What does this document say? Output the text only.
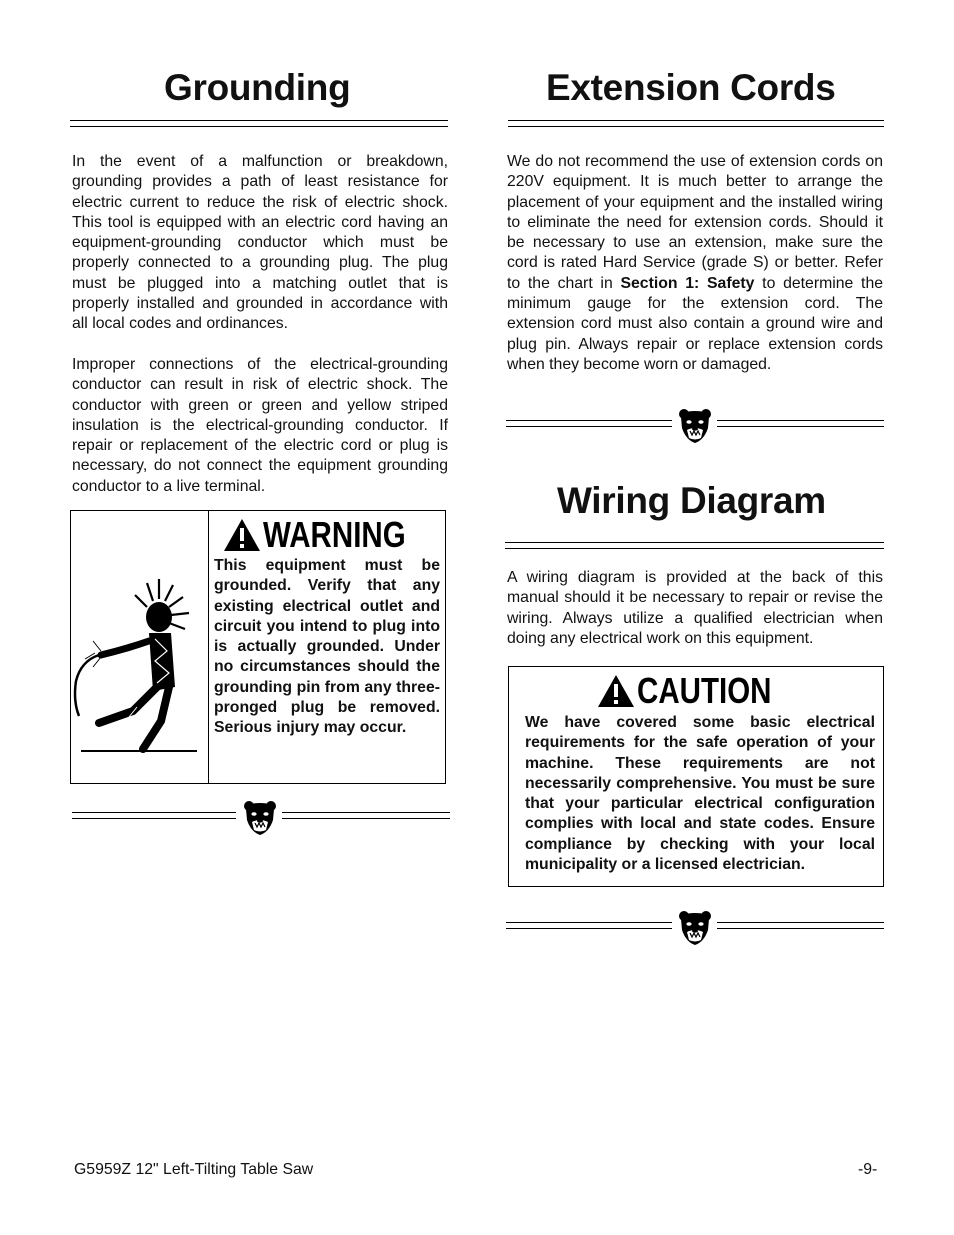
Grounding

In the event of a malfunction or breakdown, grounding provides a path of least resistance for electric current to reduce the risk of electric shock. This tool is equipped with an electric cord having an equipment-grounding conductor which must be properly connected to a grounding plug. The plug must be plugged into a matching outlet that is properly installed and grounded in accordance with all local codes and ordinances.

Improper connections of the electrical-grounding conductor can result in risk of electric shock. The conductor with green or green and yellow striped insulation is the electrical-grounding conductor. If repair or replacement of the electric cord or plug is necessary, do not connect the equipment grounding conductor to a live terminal.

WARNING

This equipment must be grounded. Verify that any existing electrical outlet and circuit you intend to plug into is actually grounded. Under no circumstances should the grounding pin from any three-pronged plug be removed. Serious injury may occur.

Extension Cords

We do not recommend the use of extension cords on 220V equipment. It is much better to arrange the placement of your equipment and the installed wiring to eliminate the need for extension cords. Should it be necessary to use an extension, make sure the cord is rated Hard Service (grade S) or better. Refer to the chart in Section 1: Safety to determine the minimum gauge for the extension cord. The extension cord must also contain a ground wire and plug pin. Always repair or replace extension cords when they become worn or damaged.

Wiring Diagram

A wiring diagram is provided at the back of this manual should it be necessary to repair or revise the wiring. Always utilize a qualified electrician when doing any electrical work on this equipment.

CAUTION

We have covered some basic electrical requirements for the safe operation of your machine. These requirements are not necessarily comprehensive. You must be sure that your particular electrical configuration complies with local and state codes. Ensure compliance by checking with your local municipality or a licensed electrician.

G5959Z 12" Left-Tilting Table Saw	-9-
